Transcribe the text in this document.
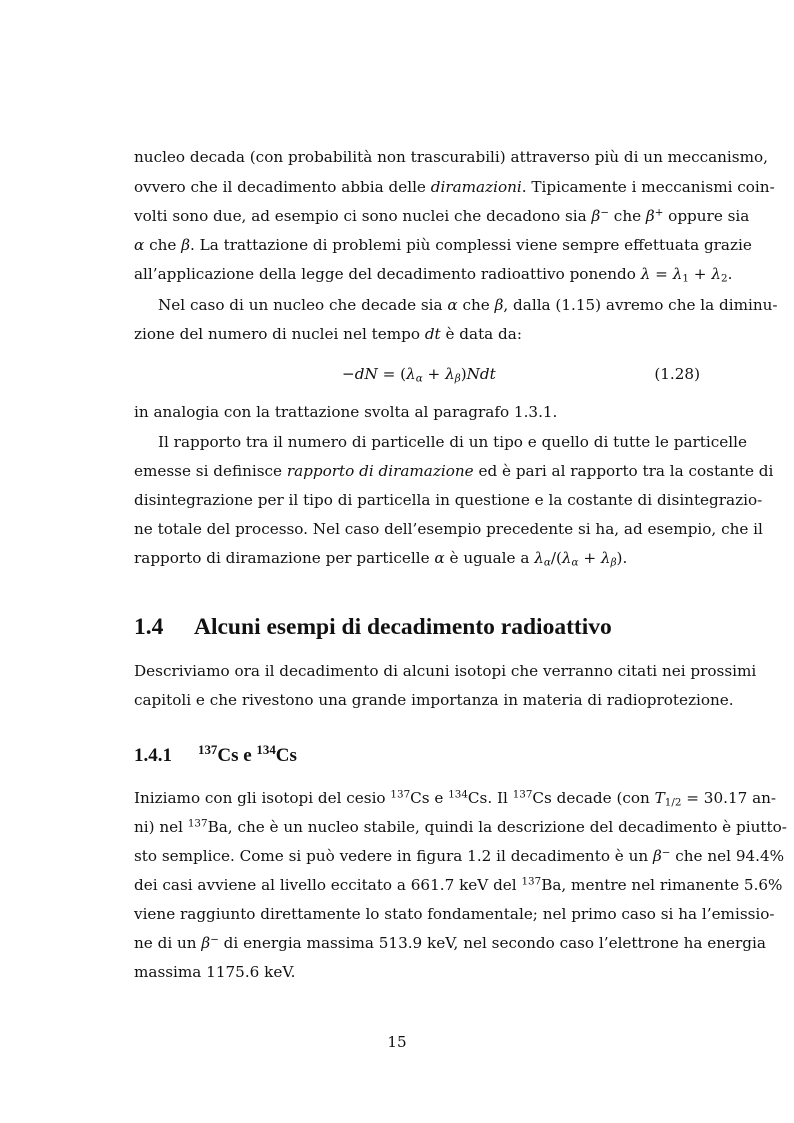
nucleo decada (con probabilità non trascurabili) attraverso più di un meccanismo,

ovvero che il decadimento abbia delle diramazioni. Tipicamente i meccanismi coin-

volti sono due, ad esempio ci sono nuclei che decadono sia β− che β+ oppure sia

α che β. La trattazione di problemi più complessi viene sempre effettuata grazie

all’applicazione della legge del decadimento radioattivo ponendo $\lambda = \lambda_1 + \lambda_2$.

Nel caso di un nucleo che decade sia α che β, dalla (1.15) avremo che la diminu-

zione del numero di nuclei nel tempo dt è data da:

$-dN = (\lambda_\alpha + \lambda_\beta)Ndt$	(1.28)

in analogia con la trattazione svolta al paragrafo 1.3.1.

Il rapporto tra il numero di particelle di un tipo e quello di tutte le particelle

emesse si definisce rapporto di diramazione ed è pari al rapporto tra la costante di

disintegrazione per il tipo di particella in questione e la costante di disintegrazio-

ne totale del processo. Nel caso dell’esempio precedente si ha, ad esempio, che il

rapporto di diramazione per particelle α è uguale a $\lambda_\alpha/(\lambda_\alpha + \lambda_\beta)$.

1.4 Alcuni esempi di decadimento radioattivo

Descriviamo ora il decadimento di alcuni isotopi che verranno citati nei prossimi

capitoli e che rivestono una grande importanza in materia di radioprotezione.

1.4.1 $^{137}$Cs e $^{134}$Cs

Iniziamo con gli isotopi del cesio $^{137}$Cs e $^{134}$Cs. Il $^{137}$Cs decade (con $T_{1/2} = 30.17$ an-

ni) nel $^{137}$Ba, che è un nucleo stabile, quindi la descrizione del decadimento è piutto-

sto semplice. Come si può vedere in figura 1.2 il decadimento è un β− che nel 94.4%

dei casi avviene al livello eccitato a 661.7 keV del $^{137}$Ba, mentre nel rimanente 5.6%

viene raggiunto direttamente lo stato fondamentale; nel primo caso si ha l’emissio-

ne di un β− di energia massima 513.9 keV, nel secondo caso l’elettrone ha energia

massima 1175.6 keV.

15
